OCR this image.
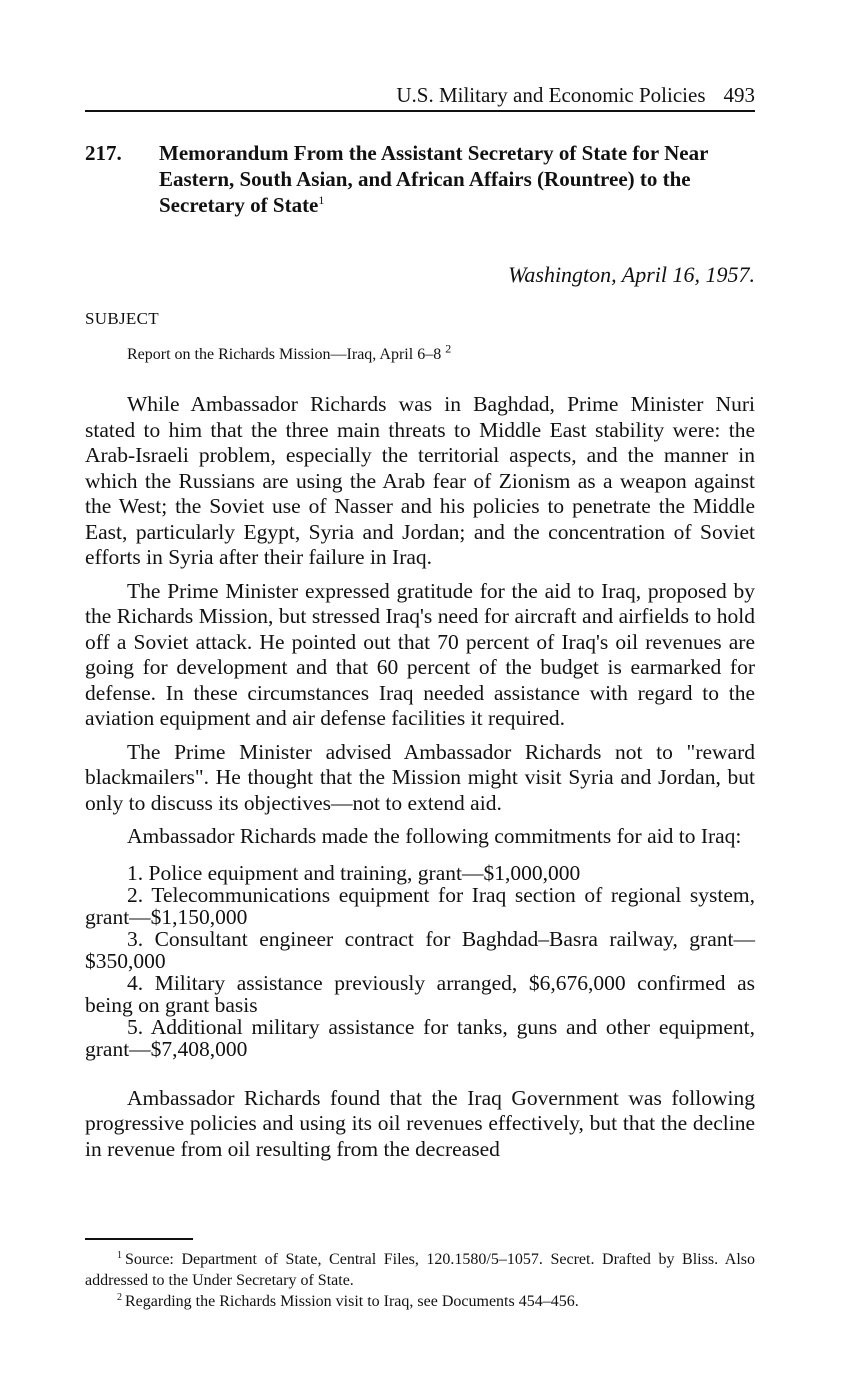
U.S. Military and Economic Policies 493
217. Memorandum From the Assistant Secretary of State for Near Eastern, South Asian, and African Affairs (Rountree) to the Secretary of State$^1$
Washington, April 16, 1957.
SUBJECT
Report on the Richards Mission—Iraq, April 6–8 $^2$

While Ambassador Richards was in Baghdad, Prime Minister Nuri stated to him that the three main threats to Middle East stability were: the Arab-Israeli problem, especially the territorial aspects, and the manner in which the Russians are using the Arab fear of Zionism as a weapon against the West; the Soviet use of Nasser and his policies to penetrate the Middle East, particularly Egypt, Syria and Jordan; and the concentration of Soviet efforts in Syria after their failure in Iraq.

The Prime Minister expressed gratitude for the aid to Iraq, proposed by the Richards Mission, but stressed Iraq's need for aircraft and airfields to hold off a Soviet attack. He pointed out that 70 percent of Iraq's oil revenues are going for development and that 60 percent of the budget is earmarked for defense. In these circumstances Iraq needed assistance with regard to the aviation equipment and air defense facilities it required.

The Prime Minister advised Ambassador Richards not to "reward blackmailers". He thought that the Mission might visit Syria and Jordan, but only to discuss its objectives—not to extend aid.

Ambassador Richards made the following commitments for aid to Iraq:

1. Police equipment and training, grant—$1,000,000
2. Telecommunications equipment for Iraq section of regional system, grant—$1,150,000
3. Consultant engineer contract for Baghdad–Basra railway, grant—$350,000
4. Military assistance previously arranged, $6,676,000 confirmed as being on grant basis
5. Additional military assistance for tanks, guns and other equipment, grant—$7,408,000

Ambassador Richards found that the Iraq Government was following progressive policies and using its oil revenues effectively, but that the decline in revenue from oil resulting from the decreased

$^1$ Source: Department of State, Central Files, 120.1580/5–1057. Secret. Drafted by Bliss. Also addressed to the Under Secretary of State.

$^2$ Regarding the Richards Mission visit to Iraq, see Documents 454–456.
